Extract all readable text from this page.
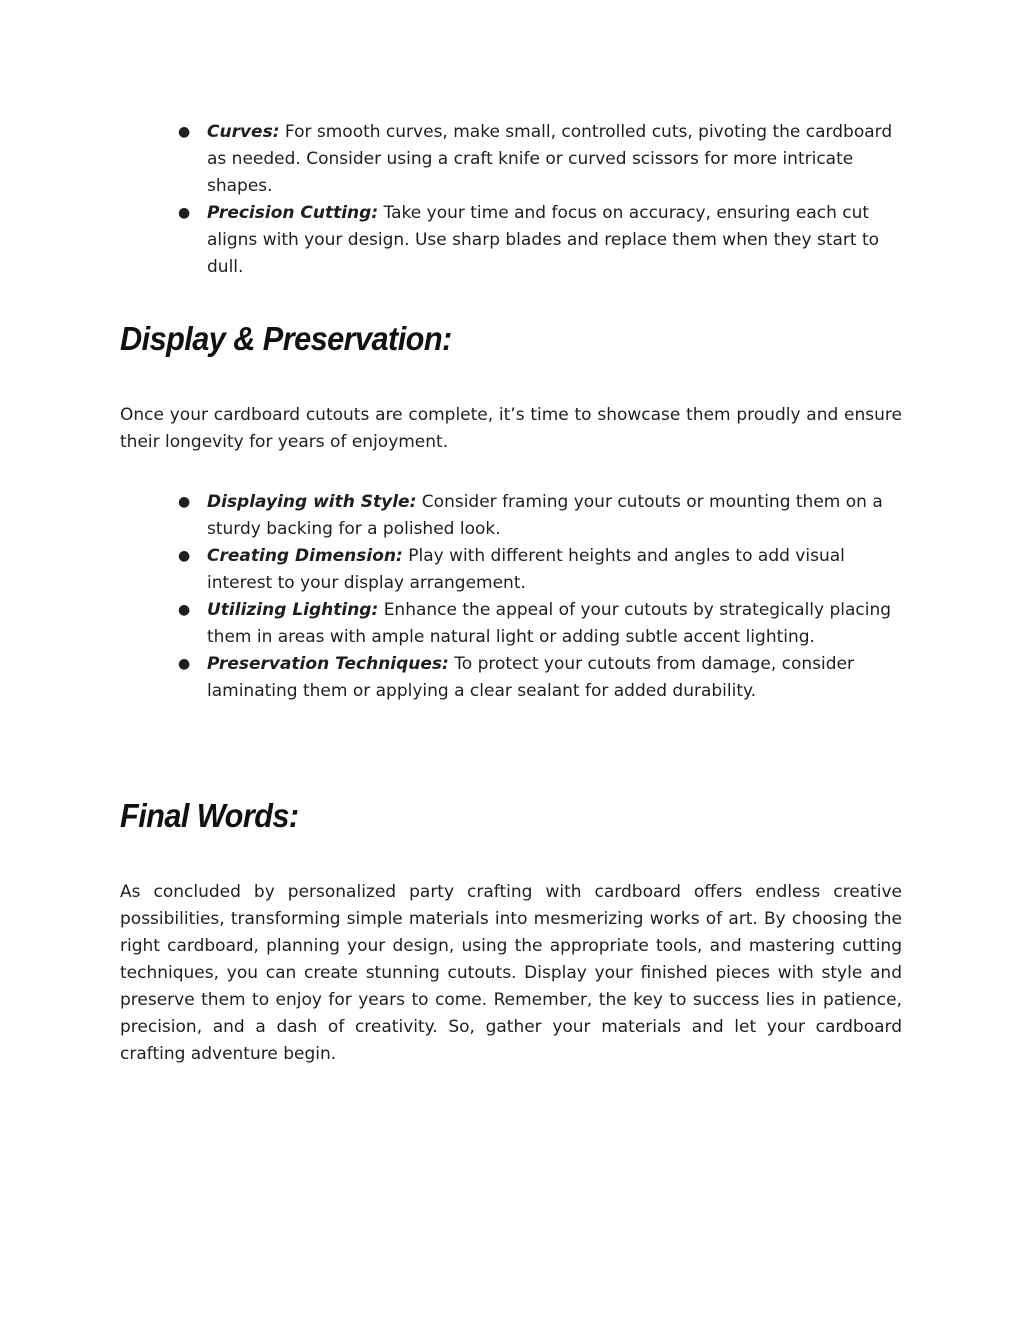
● Curves: For smooth curves, make small, controlled cuts, pivoting the cardboard as needed. Consider using a craft knife or curved scissors for more intricate shapes.
● Precision Cutting: Take your time and focus on accuracy, ensuring each cut aligns with your design. Use sharp blades and replace them when they start to dull.
Display & Preservation:

Once your cardboard cutouts are complete, it’s time to showcase them proudly and ensure their longevity for years of enjoyment.

● Displaying with Style: Consider framing your cutouts or mounting them on a sturdy backing for a polished look.
● Creating Dimension: Play with different heights and angles to add visual interest to your display arrangement.
● Utilizing Lighting: Enhance the appeal of your cutouts by strategically placing them in areas with ample natural light or adding subtle accent lighting.
● Preservation Techniques: To protect your cutouts from damage, consider laminating them or applying a clear sealant for added durability.
Final Words:

As concluded by personalized party crafting with cardboard offers endless creative possibilities, transforming simple materials into mesmerizing works of art. By choosing the right cardboard, planning your design, using the appropriate tools, and mastering cutting techniques, you can create stunning cutouts. Display your finished pieces with style and preserve them to enjoy for years to come. Remember, the key to success lies in patience, precision, and a dash of creativity. So, gather your materials and let your cardboard crafting adventure begin.
